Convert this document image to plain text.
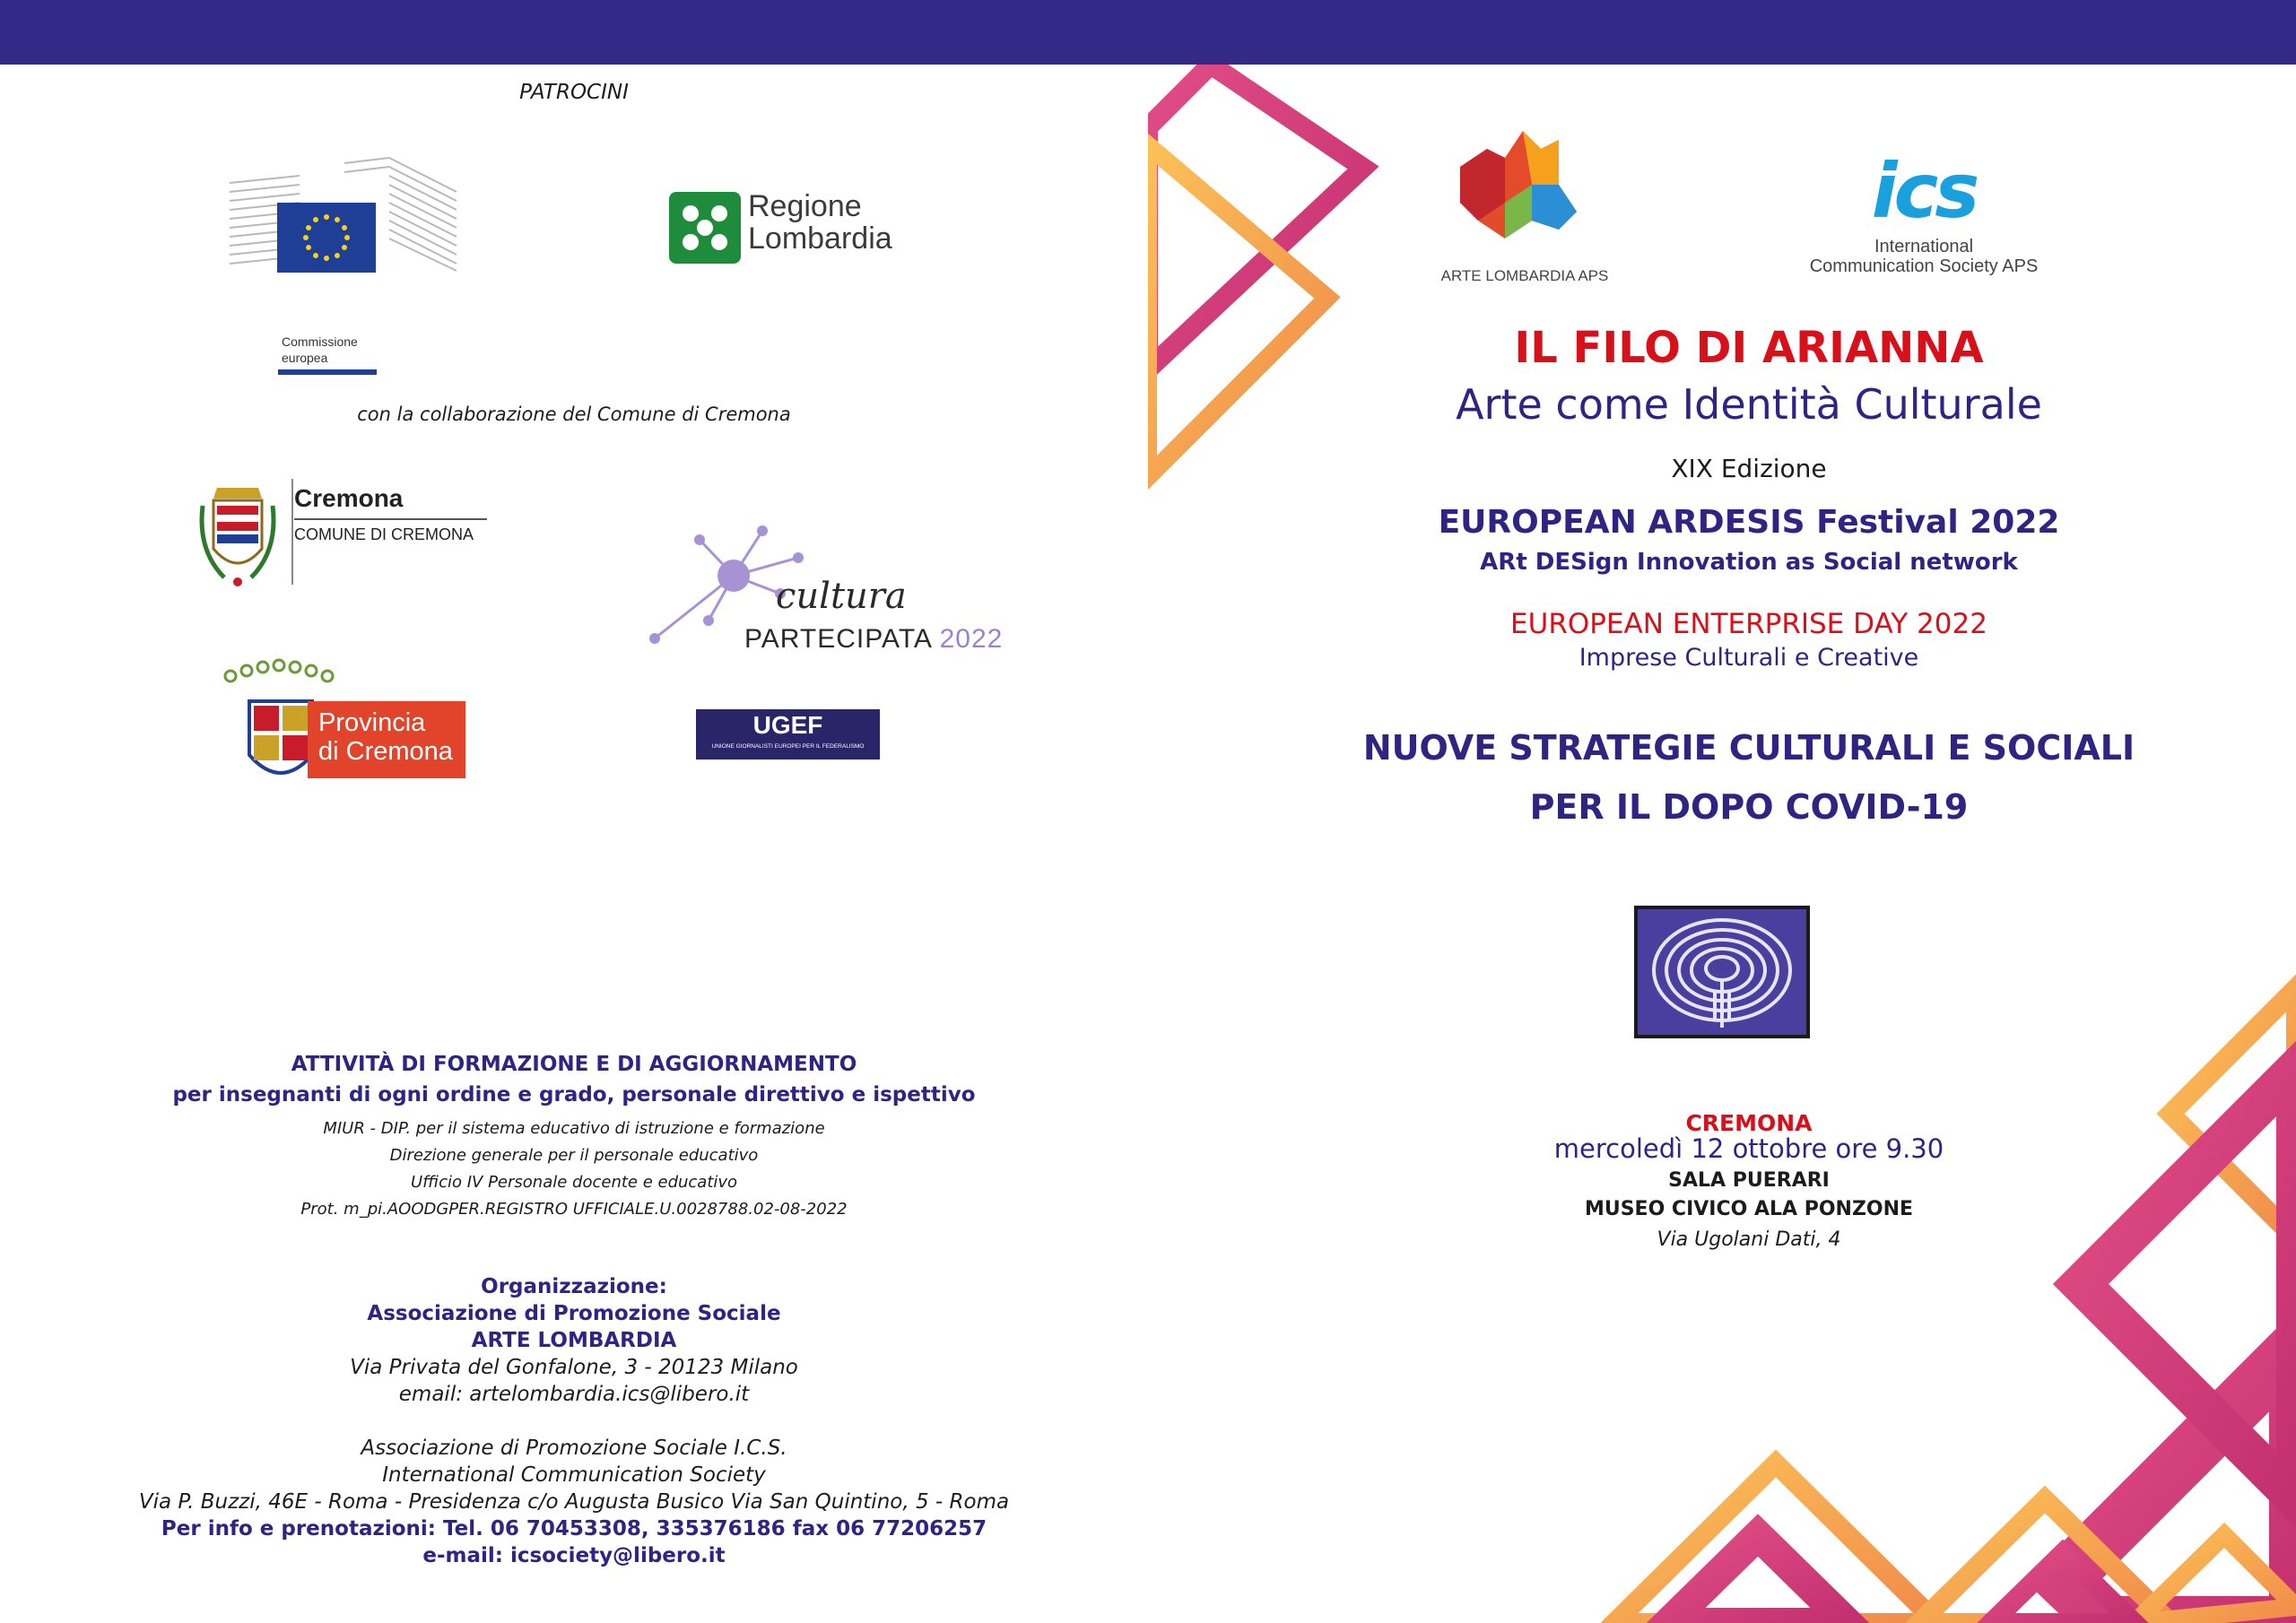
PATROCINI
Commissione
europea
Regione
Lombardia
con la collaborazione del Comune di Cremona
Cremona
COMUNE DI CREMONA
cultura
PARTECIPATA 2022
Provincia
di Cremona
UGEF
UNIONE GIORNALISTI EUROPEI PER IL FEDERALISMO
ATTIVITÀ DI FORMAZIONE E DI AGGIORNAMENTO
per insegnanti di ogni ordine e grado, personale direttivo e ispettivo
MIUR - DIP. per il sistema educativo di istruzione e formazione
Direzione generale per il personale educativo
Ufficio IV Personale docente e educativo
Prot. m_pi.AOODGPER.REGISTRO UFFICIALE.U.0028788.02-08-2022
Organizzazione:
Associazione di Promozione Sociale
ARTE LOMBARDIA
Via Privata del Gonfalone, 3 - 20123 Milano
email: artelombardia.ics@libero.it
Associazione di Promozione Sociale I.C.S.
International Communication Society
Via P. Buzzi, 46E - Roma - Presidenza c/o Augusta Busico Via San Quintino, 5 - Roma
Per info e prenotazioni: Tel. 06 70453308, 335376186 fax 06 77206257
e-mail: icsociety@libero.it
ARTE LOMBARDIA APS
ics
International
Communication Society APS
IL FILO DI ARIANNA
Arte come Identità Culturale
XIX Edizione
EUROPEAN ARDESIS Festival 2022
ARt DESign Innovation as Social network
EUROPEAN ENTERPRISE DAY 2022
Imprese Culturali e Creative
NUOVE STRATEGIE CULTURALI E SOCIALI
PER IL DOPO COVID-19
CREMONA
mercoledì 12 ottobre ore 9.30
SALA PUERARI
MUSEO CIVICO ALA PONZONE
Via Ugolani Dati, 4
